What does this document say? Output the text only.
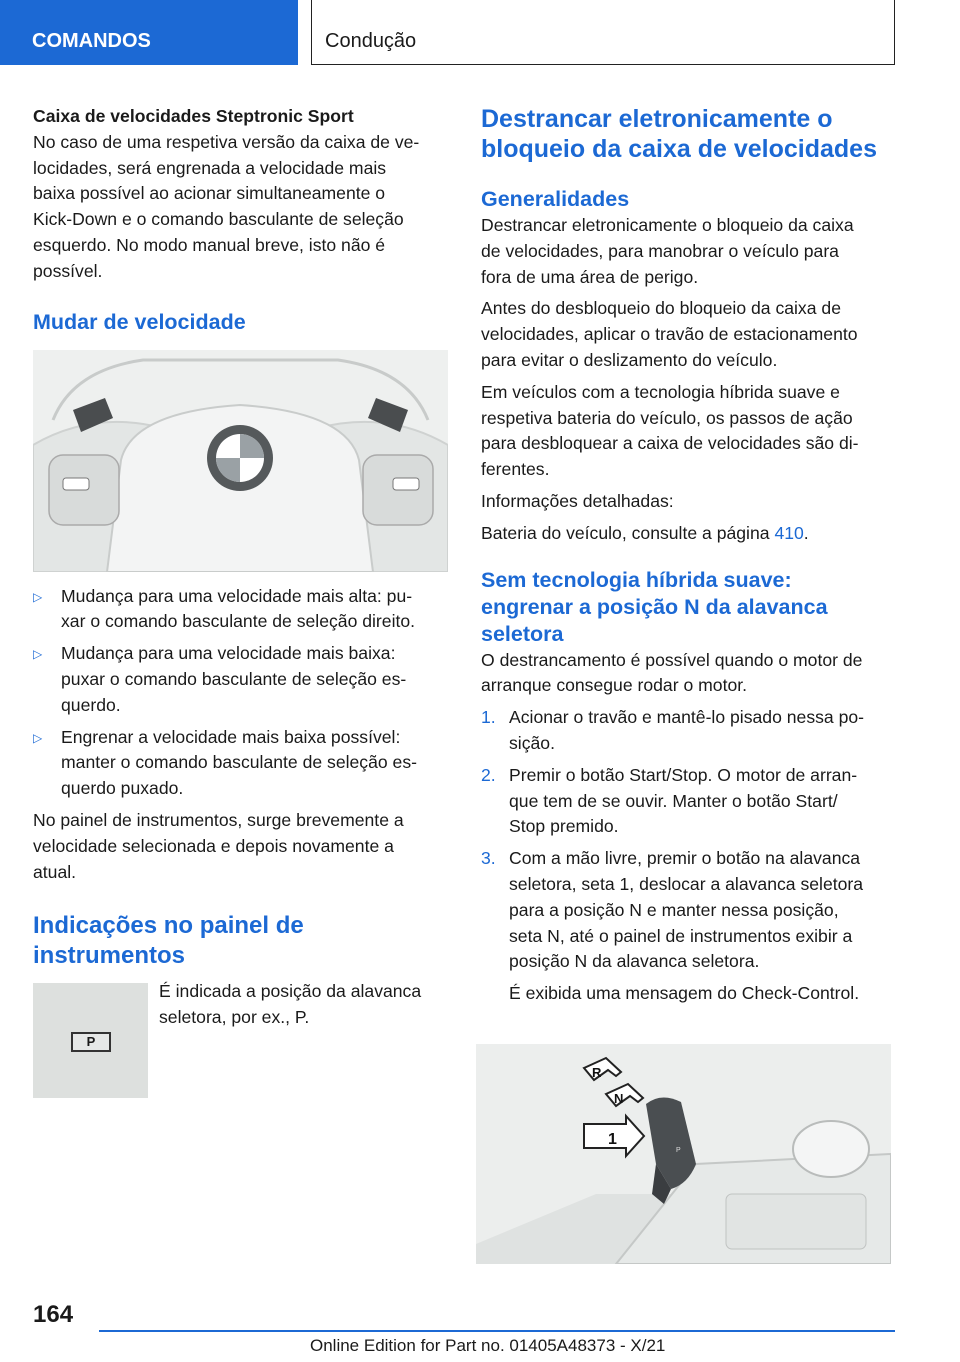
COMANDOS	Condução
Caixa de velocidades Steptronic Sport

No caso de uma respetiva versão da caixa de ve‐
locidades, será engrenada a velocidade mais
baixa possível ao acionar simultaneamente o
Kick-Down e o comando basculante de seleção
esquerdo. No modo manual breve, isto não é
possível.

Mudar de velocidade
▷	Mudança para uma velocidade mais alta: pu‐
xar o comando basculante de seleção direito.
▷	Mudança para uma velocidade mais baixa:
puxar o comando basculante de seleção es‐
querdo.
▷	Engrenar a velocidade mais baixa possível:
manter o comando basculante de seleção es‐
querdo puxado.

No painel de instrumentos, surge brevemente a
velocidade selecionada e depois novamente a
atual.

Indicações no painel de
instrumentos
P

É indicada a posição da alavanca
seletora, por ex., P.

Destrancar eletronicamente o
bloqueio da caixa de velocidades
Generalidades

Destrancar eletronicamente o bloqueio da caixa
de velocidades, para manobrar o veículo para
fora de uma área de perigo.

Antes do desbloqueio do bloqueio da caixa de
velocidades, aplicar o travão de estacionamento
para evitar o deslizamento do veículo.

Em veículos com a tecnologia híbrida suave e
respetiva bateria do veículo, os passos de ação
para desbloquear a caixa de velocidades são di‐
ferentes.

Informações detalhadas:

Bateria do veículo, consulte a página 410.

Sem tecnologia híbrida suave:
engrenar a posição N da alavanca
seletora

O destrancamento é possível quando o motor de
arranque consegue rodar o motor.

1. Acionar o travão e mantê-lo pisado nessa po‐
sição.
2. Premir o botão Start/Stop. O motor de arran‐
que tem de se ouvir. Manter o botão Start/
Stop premido.
3. Com a mão livre, premir o botão na alavanca
seletora, seta 1, deslocar a alavanca seletora
para a posição N e manter nessa posição,
seta N, até o painel de instrumentos exibir a
posição N da alavanca seletora.
É exibida uma mensagem do Check-Control.
R
N
1
P
164
Online Edition for Part no. 01405A48373 - X/21
